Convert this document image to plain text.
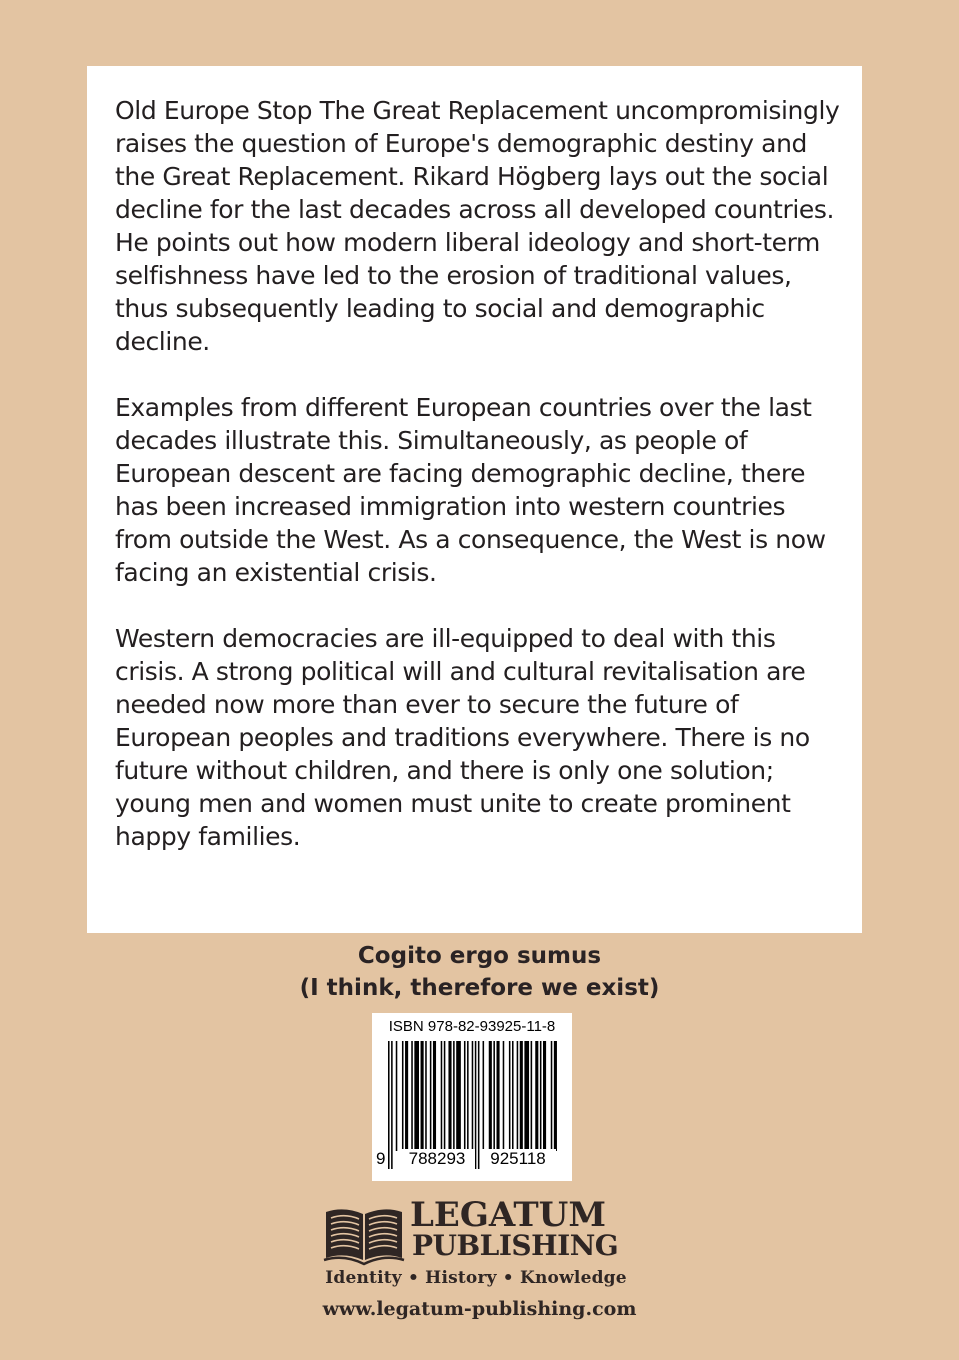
Old Europe Stop The Great Replacement uncompromisingly raises the question of Europe's demographic destiny and the Great Replacement. Rikard Högberg lays out the social decline for the last decades across all developed countries. He points out how modern liberal ideology and short-term selfishness have led to the erosion of traditional values, thus subsequently leading to social and demographic decline.

Examples from different European countries over the last decades illustrate this. Simultaneously, as people of European descent are facing demographic decline, there has been increased immigration into western countries from outside the West. As a consequence, the West is now facing an existential crisis.

Western democracies are ill-equipped to deal with this crisis. A strong political will and cultural revitalisation are needed now more than ever to secure the future of European peoples and traditions everywhere. There is no future without children, and there is only one solution; young men and women must unite to create prominent happy families.

Cogito ergo sumus
(I think, therefore we exist)
ISBN 978-82-93925-11-8
9	788293	925118
LEGATUM
PUBLISHING
Identity • History • Knowledge
www.legatum-publishing.com
